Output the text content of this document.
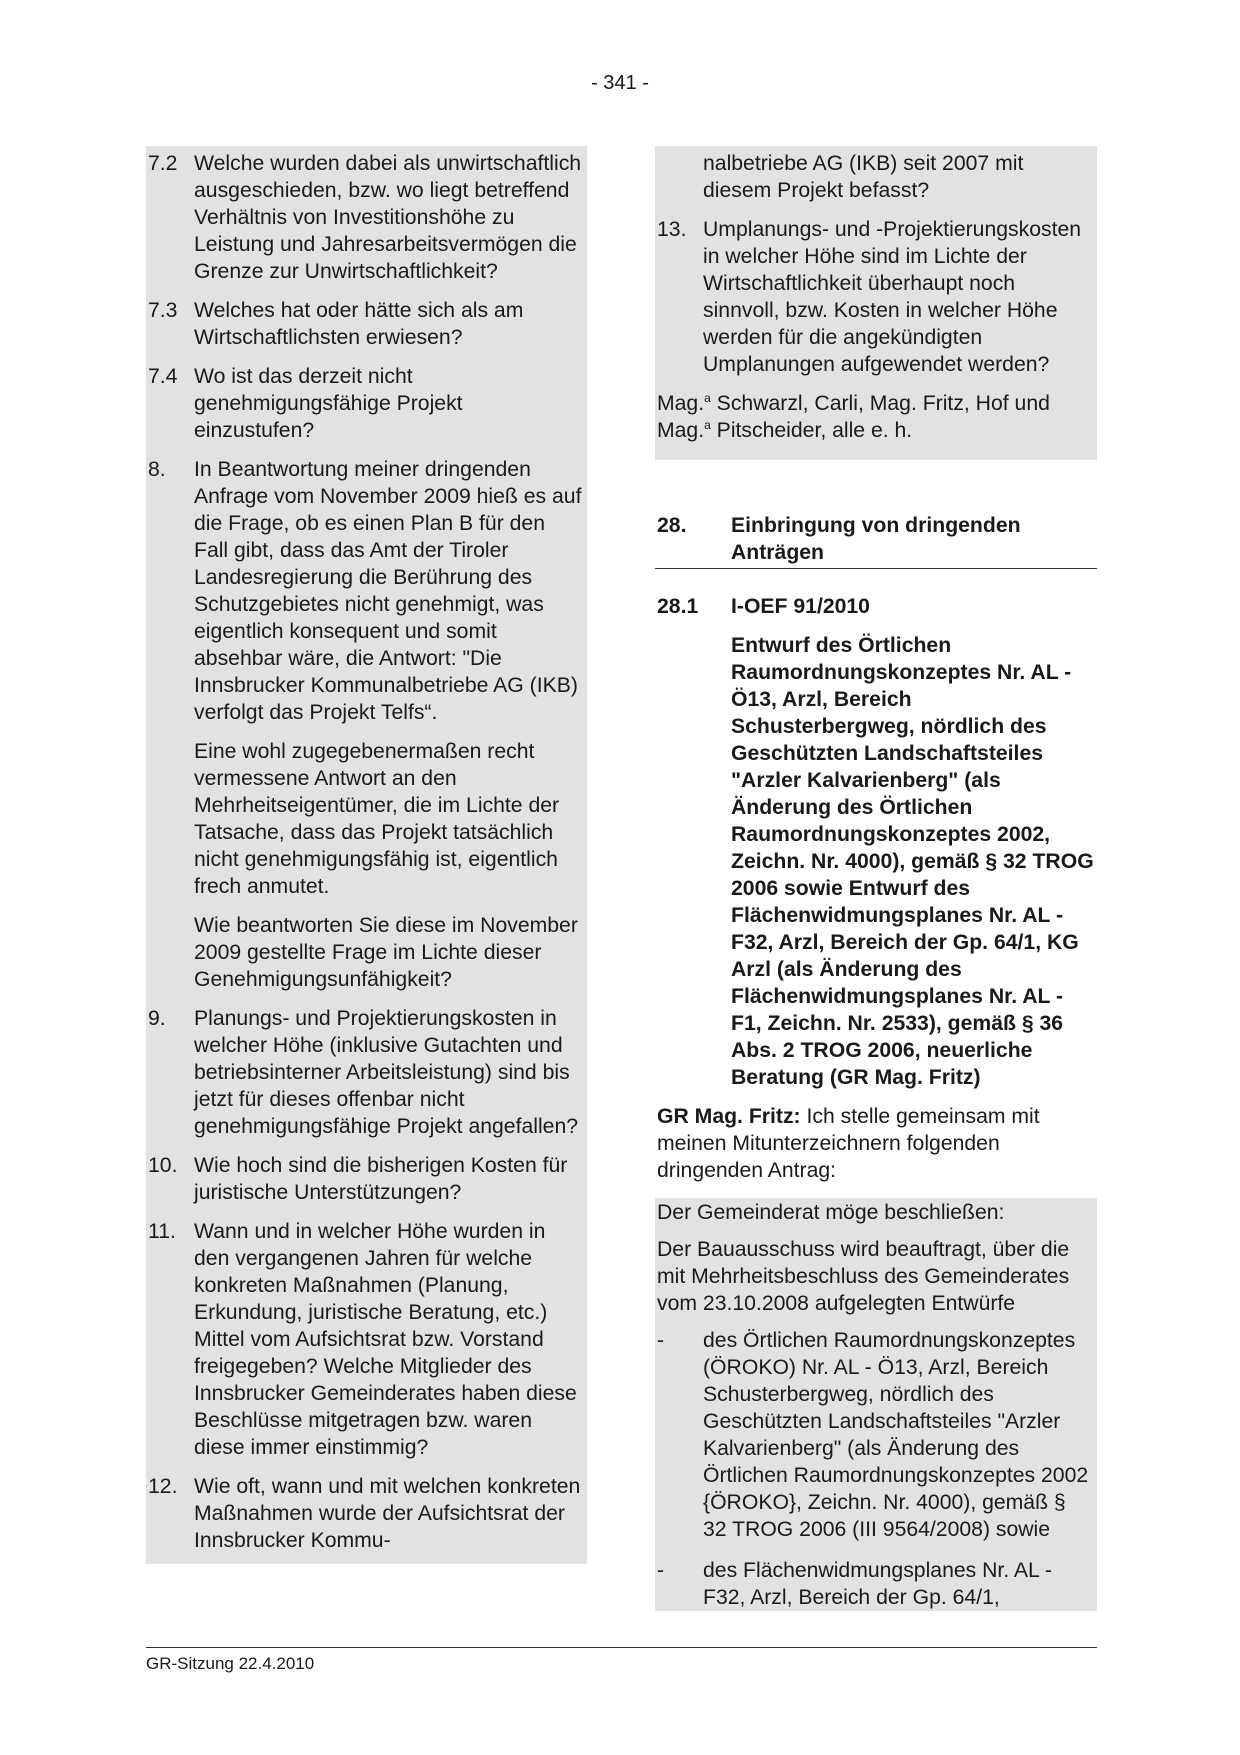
- 341 -
7.2 Welche wurden dabei als unwirtschaftlich ausgeschieden, bzw. wo liegt betreffend Verhältnis von Investitionshöhe zu Leistung und Jahresarbeitsvermögen die Grenze zur Unwirtschaftlichkeit?
7.3 Welches hat oder hätte sich als am Wirtschaftlichsten erwiesen?
7.4 Wo ist das derzeit nicht genehmigungsfähige Projekt einzustufen?
8.	In Beantwortung meiner dringenden Anfrage vom November 2009 hieß es auf die Frage, ob es einen Plan B für den Fall gibt, dass das Amt der Tiroler Landesregierung die Berührung des Schutzgebietes nicht genehmigt, was eigentlich konsequent und somit absehbar wäre, die Antwort: "Die Innsbrucker Kommunalbetriebe AG (IKB) verfolgt das Projekt Telfs“.
Eine wohl zugegebenermaßen recht vermessene Antwort an den Mehrheitseigentümer, die im Lichte der Tatsache, dass das Projekt tatsächlich nicht genehmigungsfähig ist, eigentlich frech anmutet.
Wie beantworten Sie diese im November 2009 gestellte Frage im Lichte dieser Genehmigungsunfähigkeit?
9.	Planungs- und Projektierungskosten in welcher Höhe (inklusive Gutachten und betriebsinterner Arbeitsleistung) sind bis jetzt für dieses offenbar nicht genehmigungsfähige Projekt angefallen?
10. Wie hoch sind die bisherigen Kosten für juristische Unterstützungen?
11. Wann und in welcher Höhe wurden in den vergangenen Jahren für welche konkreten Maßnahmen (Planung, Erkundung, juristische Beratung, etc.) Mittel vom Aufsichtsrat bzw. Vorstand freigegeben? Welche Mitglieder des Innsbrucker Gemeinderates haben diese Beschlüsse mitgetragen bzw. waren diese immer einstimmig?
12. Wie oft, wann und mit welchen konkreten Maßnahmen wurde der Aufsichtsrat der Innsbrucker Kommu-
nalbetriebe AG (IKB) seit 2007 mit diesem Projekt befasst?
13. Umplanungs- und -Projektierungskosten in welcher Höhe sind im Lichte der Wirtschaftlichkeit überhaupt noch sinnvoll, bzw. Kosten in welcher Höhe werden für die angekündigten Umplanungen aufgewendet werden?
Mag.$^a$ Schwarzl, Carli, Mag. Fritz, Hof und
Mag.$^a$ Pitscheider, alle e. h.
28.	Einbringung von dringenden Anträgen
28.1	I-OEF 91/2010
Entwurf des Örtlichen Raumordnungskonzeptes Nr. AL - Ö13, Arzl, Bereich Schusterbergweg, nördlich des Geschützten Landschaftsteiles "Arzler Kalvarienberg" (als Änderung des Örtlichen Raumordnungskonzeptes 2002, Zeichn. Nr. 4000), gemäß § 32 TROG 2006 sowie Entwurf des Flächenwidmungsplanes Nr. AL - F32, Arzl, Bereich der Gp. 64/1, KG Arzl (als Änderung des Flächenwidmungsplanes Nr. AL - F1, Zeichn. Nr. 2533), gemäß § 36 Abs. 2 TROG 2006, neuerliche Beratung (GR Mag. Fritz)
GR Mag. Fritz: Ich stelle gemeinsam mit meinen Mitunterzeichnern folgenden dringenden Antrag:
Der Gemeinderat möge beschließen:
Der Bauausschuss wird beauftragt, über die mit Mehrheitsbeschluss des Gemeinderates vom 23.10.2008 aufgelegten Entwürfe
-	des Örtlichen Raumordnungskonzeptes (ÖROKO) Nr. AL - Ö13, Arzl, Bereich Schusterbergweg, nördlich des Geschützten Landschaftsteiles "Arzler Kalvarienberg" (als Änderung des Örtlichen Raumordnungskonzeptes 2002 {ÖROKO}, Zeichn. Nr. 4000), gemäß § 32 TROG 2006 (III 9564/2008) sowie
-	des Flächenwidmungsplanes Nr. AL - F32, Arzl, Bereich der Gp. 64/1,
GR-Sitzung 22.4.2010
